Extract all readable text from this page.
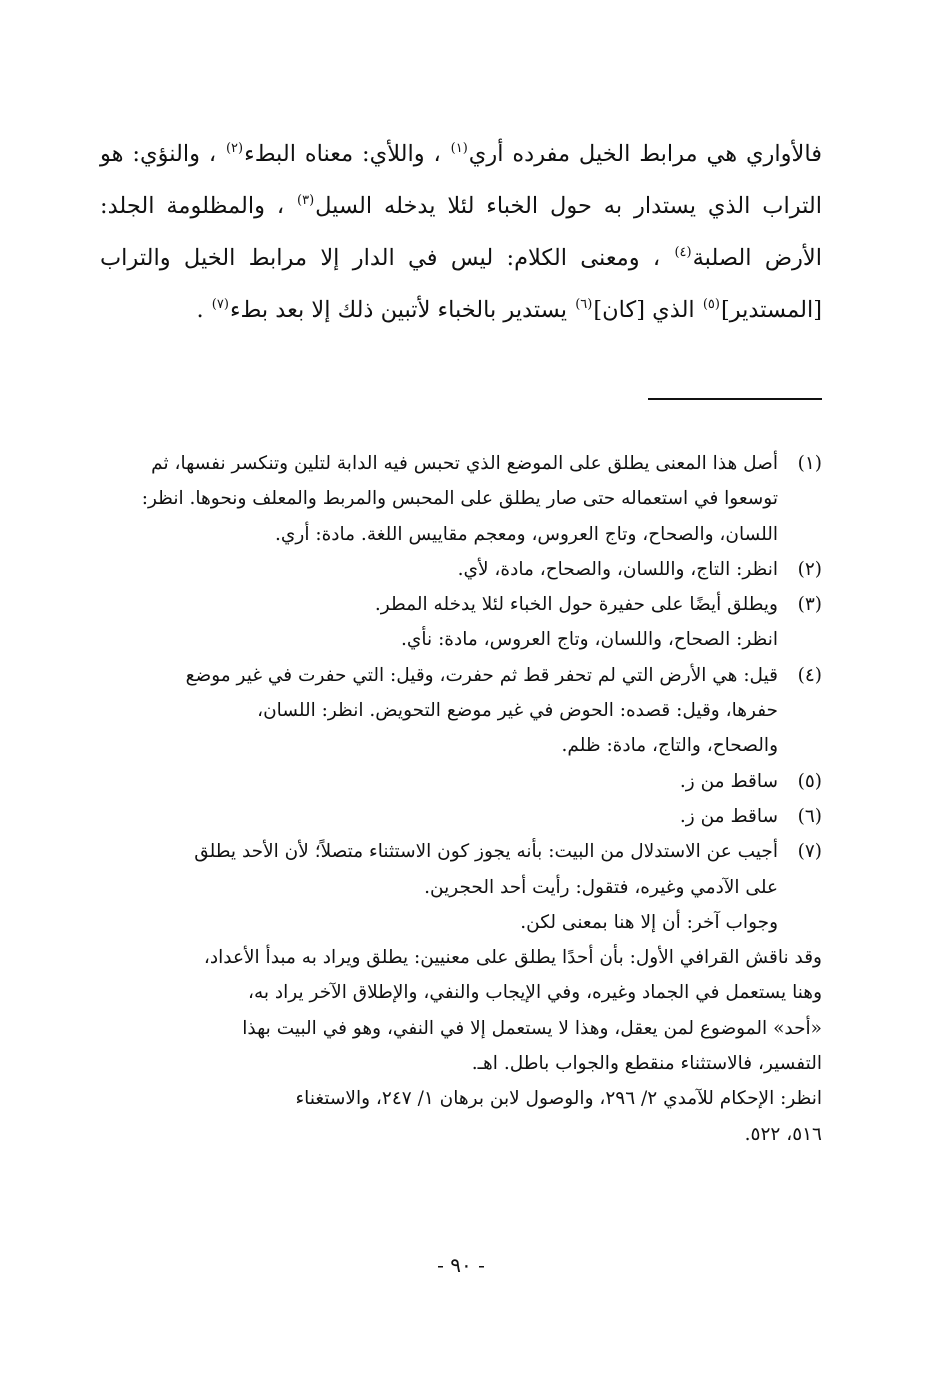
فالأواري هي مرابط الخيل مفرده أري$^{(١)}$ ، واللأي: معناه البطء$^{(٢)}$ ، والنؤي: هو التراب الذي يستدار به حول الخباء لئلا يدخله السيل$^{(٣)}$ ، والمظلومة الجلد: الأرض الصلبة$^{(٤)}$ ، ومعنى الكلام: ليس في الدار إلا مرابط الخيل والتراب [المستدير]$^{(٥)}$ الذي [كان]$^{(٦)}$ يستدير بالخباء لأتبين ذلك إلا بعد بطء$^{(٧)}$ .

(١)
أصل هذا المعنى يطلق على الموضع الذي تحبس فيه الدابة لتلين وتنكسر نفسها، ثم
توسعوا في استعماله حتى صار يطلق على المحبس والمربط والمعلف ونحوها. انظر:
اللسان، والصحاح، وتاج العروس، ومعجم مقاييس اللغة. مادة: أري.
(٢)
انظر: التاج، واللسان، والصحاح، مادة، لأي.
(٣)
ويطلق أيضًا على حفيرة حول الخباء لئلا يدخله المطر.
انظر: الصحاح، واللسان، وتاج العروس، مادة: نأي.
(٤)
قيل: هي الأرض التي لم تحفر قط ثم حفرت، وقيل: التي حفرت في غير موضع
حفرها، وقيل: قصده: الحوض في غير موضع التحويض. انظر: اللسان،
والصحاح، والتاج، مادة: ظلم.
(٥)
ساقط من ز.
(٦)
ساقط من ز.
(٧)
أجيب عن الاستدلال من البيت: بأنه يجوز كون الاستثناء متصلاً؛ لأن الأحد يطلق
على الآدمي وغيره، فتقول: رأيت أحد الحجرين.
وجواب آخر: أن إلا هنا بمعنى لكن.
وقد ناقش القرافي الأول: بأن أحدًا يطلق على معنيين: يطلق ويراد به مبدأ الأعداد،
وهنا يستعمل في الجماد وغيره، وفي الإيجاب والنفي، والإطلاق الآخر يراد به،
«أحد» الموضوع لمن يعقل، وهذا لا يستعمل إلا في النفي، وهو في البيت بهذا
التفسير، فالاستثناء منقطع والجواب باطل. اهـ.
انظر: الإحكام للآمدي ٢/ ٢٩٦، والوصول لابن برهان ١/ ٢٤٧، والاستغناء
٥١٦، ٥٢٢.
- ٩٠ -
